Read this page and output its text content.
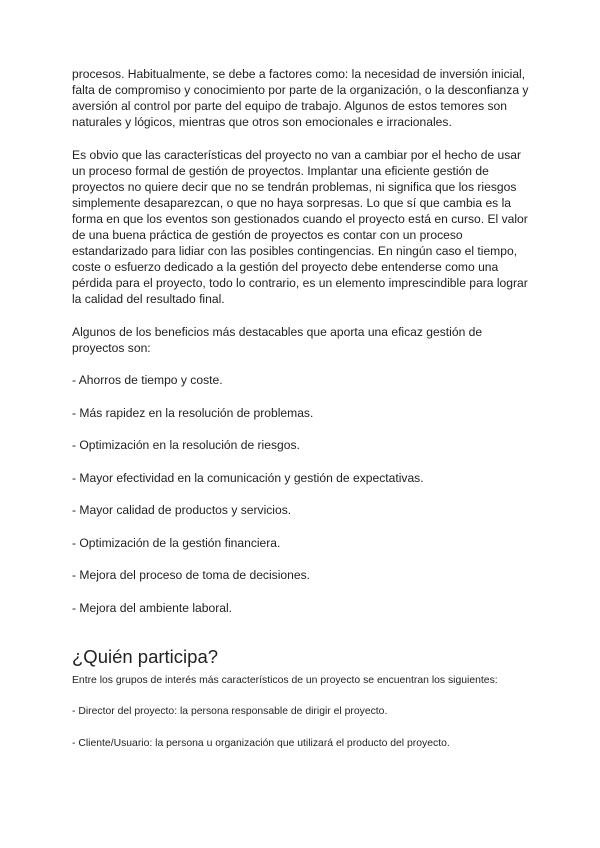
procesos. Habitualmente, se debe a factores como: la necesidad de inversión inicial, falta de compromiso y conocimiento por parte de la organización, o la desconfianza y aversión al control por parte del equipo de trabajo. Algunos de estos temores son naturales y lógicos, mientras que otros son emocionales e irracionales.

Es obvio que las características del proyecto no van a cambiar por el hecho de usar un proceso formal de gestión de proyectos. Implantar una eficiente gestión de proyectos no quiere decir que no se tendrán problemas, ni significa que los riesgos simplemente desaparezcan, o que no haya sorpresas. Lo que sí que cambia es la forma en que los eventos son gestionados cuando el proyecto está en curso. El valor de una buena práctica de gestión de proyectos es contar con un proceso estandarizado para lidiar con las posibles contingencias. En ningún caso el tiempo, coste o esfuerzo dedicado a la gestión del proyecto debe entenderse como una pérdida para el proyecto, todo lo contrario, es un elemento imprescindible para lograr la calidad del resultado final.

Algunos de los beneficios más destacables que aporta una eficaz gestión de proyectos son:

- Ahorros de tiempo y coste.

- Más rapidez en la resolución de problemas.

- Optimización en la resolución de riesgos.

- Mayor efectividad en la comunicación y gestión de expectativas.

- Mayor calidad de productos y servicios.

- Optimización de la gestión financiera.

- Mejora del proceso de toma de decisiones.

- Mejora del ambiente laboral.

¿Quién participa?

Entre los grupos de interés más característicos de un proyecto se encuentran los siguientes:

- Director del proyecto: la persona responsable de dirigir el proyecto.

- Cliente/Usuario: la persona u organización que utilizará el producto del proyecto.
